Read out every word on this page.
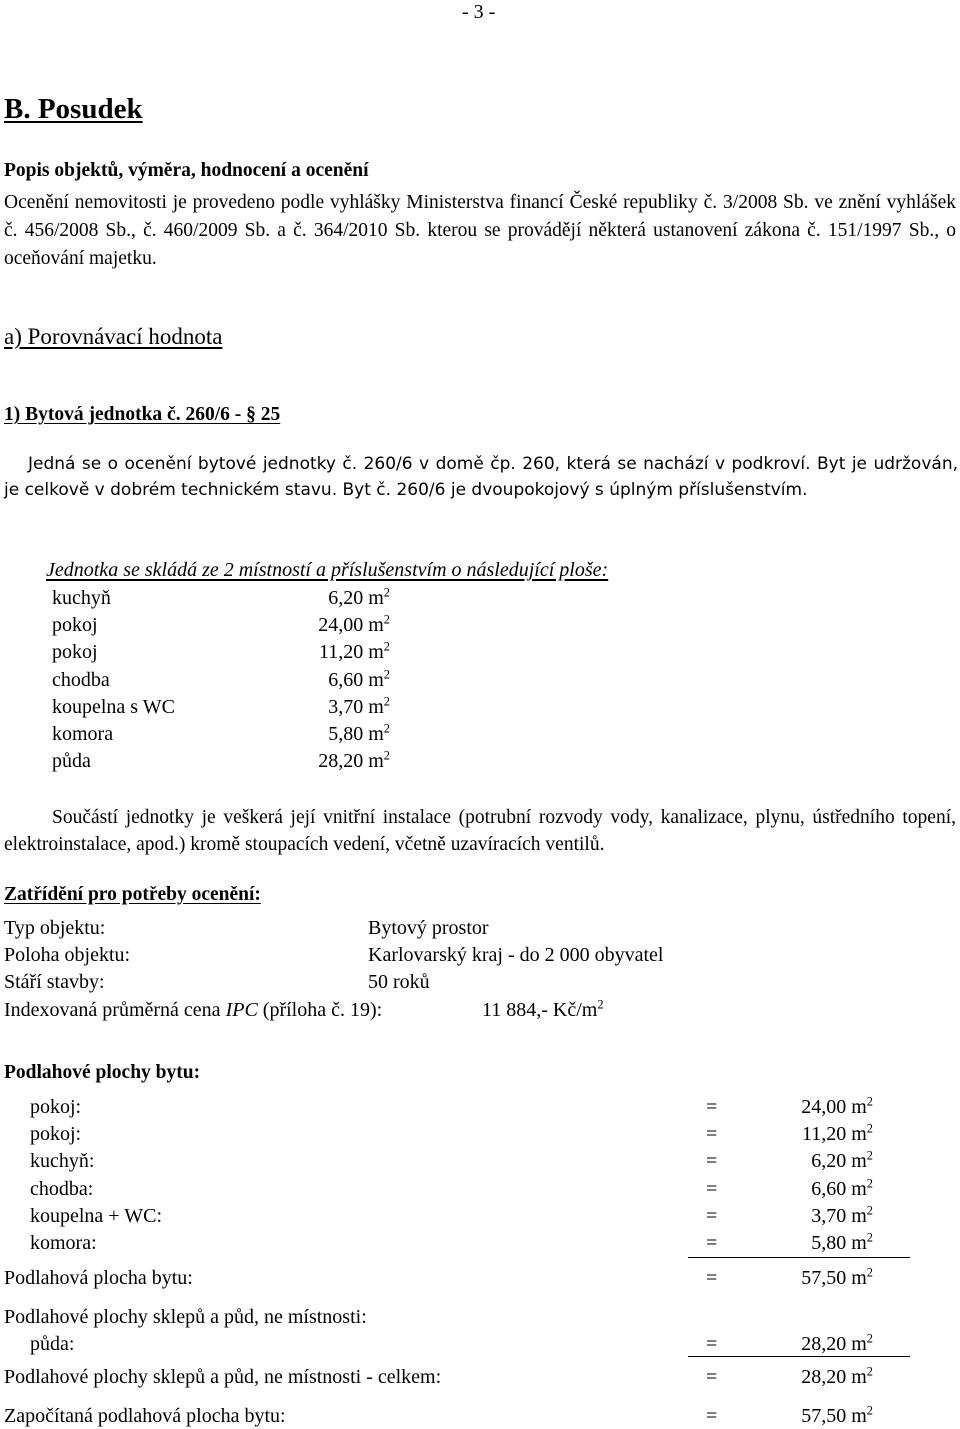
- 3 -
B. Posudek
Popis objektů, výměra, hodnocení a ocenění
Ocenění nemovitosti je provedeno podle vyhlášky Ministerstva financí České republiky č. 3/2008 Sb. ve znění vyhlášek č. 456/2008 Sb., č. 460/2009 Sb. a č. 364/2010 Sb. kterou se provádějí některá ustanovení zákona č. 151/1997 Sb., o oceňování majetku.
a) Porovnávací hodnota
1) Bytová jednotka č. 260/6 - § 25
Jedná se o ocenění bytové jednotky č. 260/6 v domě čp. 260, která se nachází v podkroví. Byt je udržován, je celkově v dobrém technickém stavu. Byt č. 260/6 je dvoupokojový s úplným příslušenstvím.
Jednotka se skládá ze 2 místností a příslušenstvím o následující ploše:
kuchyň	6,20 $m^2$
pokoj	24,00 $m^2$
pokoj	11,20 $m^2$
chodba	6,60 $m^2$
koupelna s WC	3,70 $m^2$
komora	5,80 $m^2$
půda	28,20 $m^2$
Součástí jednotky je veškerá její vnitřní instalace (potrubní rozvody vody, kanalizace, plynu, ústředního topení, elektroinstalace, apod.) kromě stoupacích vedení, včetně uzavíracích ventilů.
Zatřídění pro potřeby ocenění:
Typ objektu:	Bytový prostor
Poloha objektu:	Karlovarský kraj - do 2 000 obyvatel
Stáří stavby:	50 roků
Indexovaná průměrná cena IPC (příloha č. 19):	11 884,- $Kč/m^2$
Podlahové plochy bytu:
pokoj:	=	24,00 $m^2$
pokoj:	=	11,20 $m^2$
kuchyň:	=	6,20 $m^2$
chodba:	=	6,60 $m^2$
koupelna + WC:	=	3,70 $m^2$
komora:	=	5,80 $m^2$
Podlahová plocha bytu:	=	57,50 $m^2$
Podlahové plochy sklepů a půd, ne místnosti:
půda:	=	28,20 $m^2$
Podlahové plochy sklepů a půd, ne místnosti - celkem:	=	28,20 $m^2$
Započítaná podlahová plocha bytu:	=	57,50 $m^2$
